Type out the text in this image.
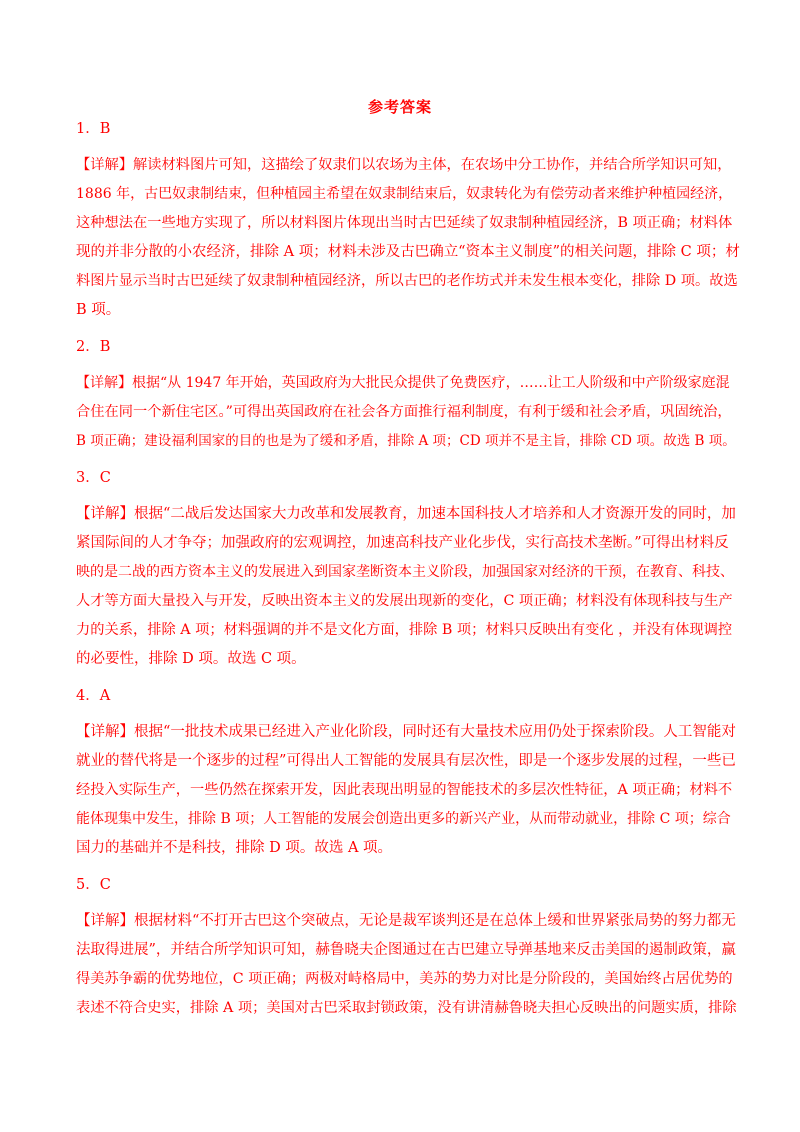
参考答案
1．B
【详解】解读材料图片可知，这描绘了奴隶们以农场为主体，在农场中分工协作，并结合所学知识可知，
1886 年，古巴奴隶制结束，但种植园主希望在奴隶制结束后，奴隶转化为有偿劳动者来维护种植园经济，
这种想法在一些地方实现了，所以材料图片体现出当时古巴延续了奴隶制种植园经济，B 项正确；材料体
现的并非分散的小农经济，排除 A 项；材料未涉及古巴确立“资本主义制度”的相关问题，排除 C 项；材
料图片显示当时古巴延续了奴隶制种植园经济，所以古巴的老作坊式并未发生根本变化，排除 D 项。故选
B 项。
2．B
【详解】根据“从 1947 年开始，英国政府为大批民众提供了免费医疗，……让工人阶级和中产阶级家庭混
合住在同一个新住宅区。”可得出英国政府在社会各方面推行福利制度，有利于缓和社会矛盾，巩固统治，
B 项正确；建设福利国家的目的也是为了缓和矛盾，排除 A 项；CD 项并不是主旨，排除 CD 项。故选 B 项。
3．C
【详解】根据“二战后发达国家大力改革和发展教育，加速本国科技人才培养和人才资源开发的同时，加
紧国际间的人才争夺；加强政府的宏观调控，加速高科技产业化步伐，实行高技术垄断。”可得出材料反
映的是二战的西方资本主义的发展进入到国家垄断资本主义阶段，加强国家对经济的干预，在教育、科技、
人才等方面大量投入与开发，反映出资本主义的发展出现新的变化，C 项正确；材料没有体现科技与生产
力的关系，排除 A 项；材料强调的并不是文化方面，排除 B 项；材料只反映出有变化 ，并没有体现调控
的必要性，排除 D 项。故选 C 项。
4．A
【详解】根据“一批技术成果已经进入产业化阶段，同时还有大量技术应用仍处于探索阶段。人工智能对
就业的替代将是一个逐步的过程”可得出人工智能的发展具有层次性，即是一个逐步发展的过程，一些已
经投入实际生产，一些仍然在探索开发，因此表现出明显的智能技术的多层次性特征，A 项正确；材料不
能体现集中发生，排除 B 项；人工智能的发展会创造出更多的新兴产业，从而带动就业，排除 C 项；综合
国力的基础并不是科技，排除 D 项。故选 A 项。
5．C
【详解】根据材料“不打开古巴这个突破点，无论是裁军谈判还是在总体上缓和世界紧张局势的努力都无
法取得进展”，并结合所学知识可知，赫鲁晓夫企图通过在古巴建立导弹基地来反击美国的遏制政策，赢
得美苏争霸的优势地位，C 项正确；两极对峙格局中，美苏的势力对比是分阶段的，美国始终占居优势的
表述不符合史实，排除 A 项；美国对古巴采取封锁政策，没有讲清赫鲁晓夫担心反映出的问题实质，排除
